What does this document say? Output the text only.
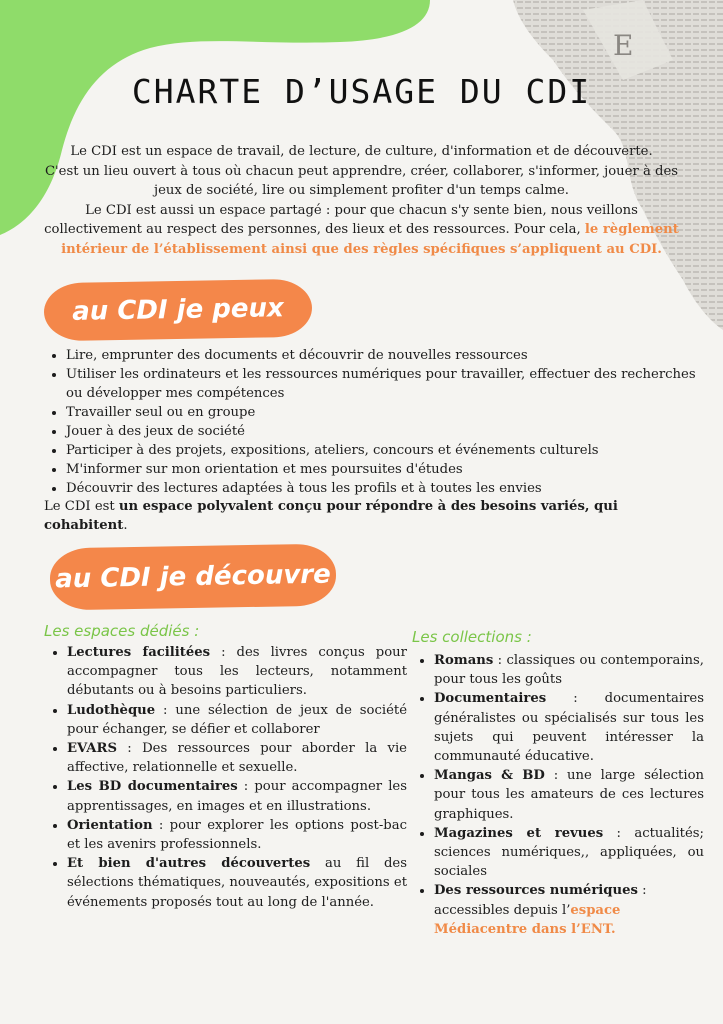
E
CHARTE D’USAGE DU CDI

Le CDI est un espace de travail, de lecture, de culture, d'information et de découverte.

C'est un lieu ouvert à tous où chacun peut apprendre, créer, collaborer, s'informer, jouer à des jeux de société, lire ou simplement profiter d'un temps calme.

Le CDI est aussi un espace partagé : pour que chacun s'y sente bien, nous veillons collectivement au respect des personnes, des lieux et des ressources. Pour cela, le règlement intérieur de l’établissement ainsi que des règles spécifiques s’appliquent au CDI.

au CDI je peux
• Lire, emprunter des documents et découvrir de nouvelles ressources
• Utiliser les ordinateurs et les ressources numériques pour travailler, effectuer des recherches ou développer mes compétences
• Travailler seul ou en groupe
• Jouer à des jeux de société
• Participer à des projets, expositions, ateliers, concours et événements culturels
• M'informer sur mon orientation et mes poursuites d'études
• Découvrir des lectures adaptées à tous les profils et à toutes les envies

Le CDI est un espace polyvalent conçu pour répondre à des besoins variés, qui cohabitent.

au CDI je découvre

Les espaces dédiés :

• Lectures facilitées : des livres conçus pour accompagner tous les lecteurs, notamment débutants ou à besoins particuliers.
• Ludothèque : une sélection de jeux de société pour échanger, se défier et collaborer
• EVARS : Des ressources pour aborder la vie affective, relationnelle et sexuelle.
• Les BD documentaires : pour accompagner les apprentissages, en images et en illustrations.
• Orientation : pour explorer les options post-bac et les avenirs professionnels.
• Et bien d'autres découvertes au fil des sélections thématiques, nouveautés, expositions et événements proposés tout au long de l'année.

Les collections :

• Romans : classiques ou contemporains, pour tous les goûts
• Documentaires : documentaires généralistes ou spécialisés sur tous les sujets qui peuvent intéresser la communauté éducative.
• Mangas & BD : une large sélection pour tous les amateurs de ces lectures graphiques.
• Magazines et revues : actualités; sciences numériques,, appliquées, ou sociales
• Des ressources numériques : accessibles depuis l’espace Médiacentre dans l’ENT.
